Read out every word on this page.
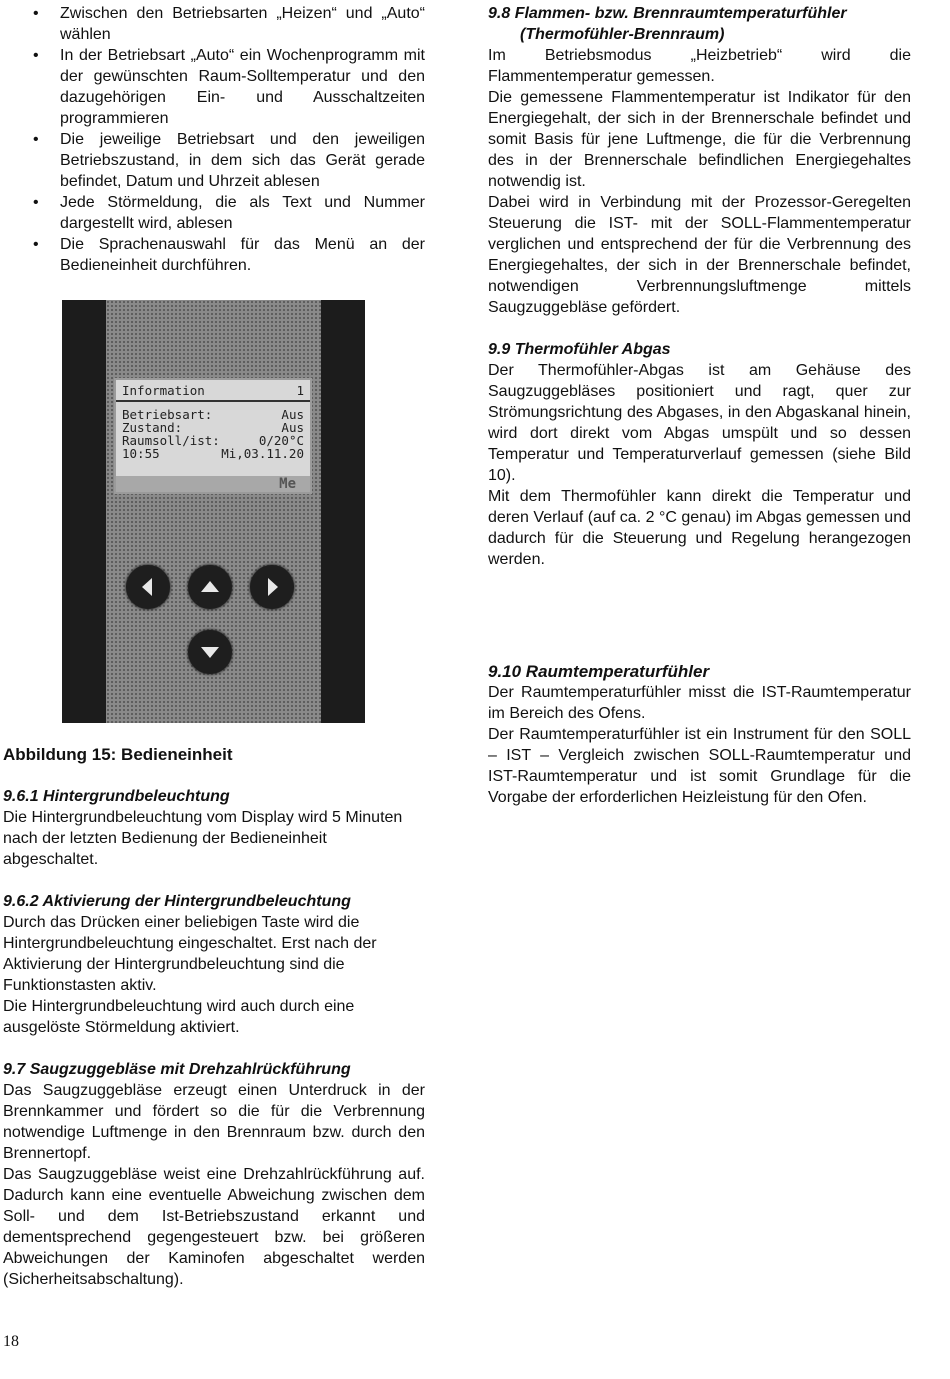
• Zwischen den Betriebsarten „Heizen“ und „Auto“ wählen
• In der Betriebsart „Auto“ ein Wochenprogramm mit der gewünschten Raum-Solltemperatur und den dazugehörigen Ein- und Ausschaltzeiten programmieren
• Die jeweilige Betriebsart und den jeweiligen Betriebszustand, in dem sich das Gerät gerade befindet, Datum und Uhrzeit ablesen
• Jede Störmeldung, die als Text und Nummer dargestellt wird, ablesen
• Die Sprachenauswahl für das Menü an der Bedieneinheit durchführen.
Information	1
Betriebsart:	Aus
Zustand:	Aus
Raumsoll/ist:	0/20°C
10:55	Mi,03.11.20
Me
Abbildung 15: Bedieneinheit
9.6.1 Hintergrundbeleuchtung

Die Hintergrundbeleuchtung vom Display wird 5 Minuten nach der letzten Bedienung der Bedieneinheit abgeschaltet.

9.6.2 Aktivierung der Hintergrundbeleuchtung

Durch das Drücken einer beliebigen Taste wird die Hintergrundbeleuchtung eingeschaltet. Erst nach der Aktivierung der Hintergrundbeleuchtung sind die Funktionstasten aktiv.

Die Hintergrundbeleuchtung wird auch durch eine ausgelöste Störmeldung aktiviert.

9.7 Saugzuggebläse mit Drehzahlrückführung

Das Saugzuggebläse erzeugt einen Unterdruck in der Brennkammer und fördert so die für die Verbrennung notwendige Luftmenge in den Brennraum bzw. durch den Brennertopf.

Das Saugzuggebläse weist eine Drehzahlrückführung auf. Dadurch kann eine eventuelle Abweichung zwischen dem Soll- und dem Ist-Betriebszustand erkannt und dementsprechend gegengesteuert bzw. bei größeren Abweichungen der Kaminofen abgeschaltet werden (Sicherheitsabschaltung).

9.8 Flammen- bzw. Brennraumtemperaturfühler
(Thermofühler-Brennraum)

Im Betriebsmodus „Heizbetrieb“ wird die Flammentemperatur gemessen.

Die gemessene Flammentemperatur ist Indikator für den Energiegehalt, der sich in der Brennerschale befindet und somit Basis für jene Luftmenge, die für die Verbrennung des in der Brennerschale befindlichen Energiegehaltes notwendig ist.

Dabei wird in Verbindung mit der Prozessor-Geregelten Steuerung die IST- mit der SOLL-Flammentemperatur verglichen und entsprechend der für die Verbrennung des Energiegehaltes, der sich in der Brennerschale befindet, notwendigen Verbrennungsluftmenge mittels Saugzuggebläse gefördert.

9.9 Thermofühler Abgas

Der Thermofühler-Abgas ist am Gehäuse des Saugzuggebläses positioniert und ragt, quer zur Strömungsrichtung des Abgases, in den Abgaskanal hinein, wird dort direkt vom Abgas umspült und so dessen Temperatur und Temperaturverlauf gemessen (siehe Bild 10).

Mit dem Thermofühler kann direkt die Temperatur und deren Verlauf (auf ca. 2 °C genau) im Abgas gemessen und dadurch für die Steuerung und Regelung herangezogen werden.

9.10 Raumtemperaturfühler

Der Raumtemperaturfühler misst die IST-Raumtemperatur im Bereich des Ofens.

Der Raumtemperaturfühler ist ein Instrument für den SOLL – IST – Vergleich zwischen SOLL-Raumtemperatur und IST-Raumtemperatur und ist somit Grundlage für die Vorgabe der erforderlichen Heizleistung für den Ofen.

18
